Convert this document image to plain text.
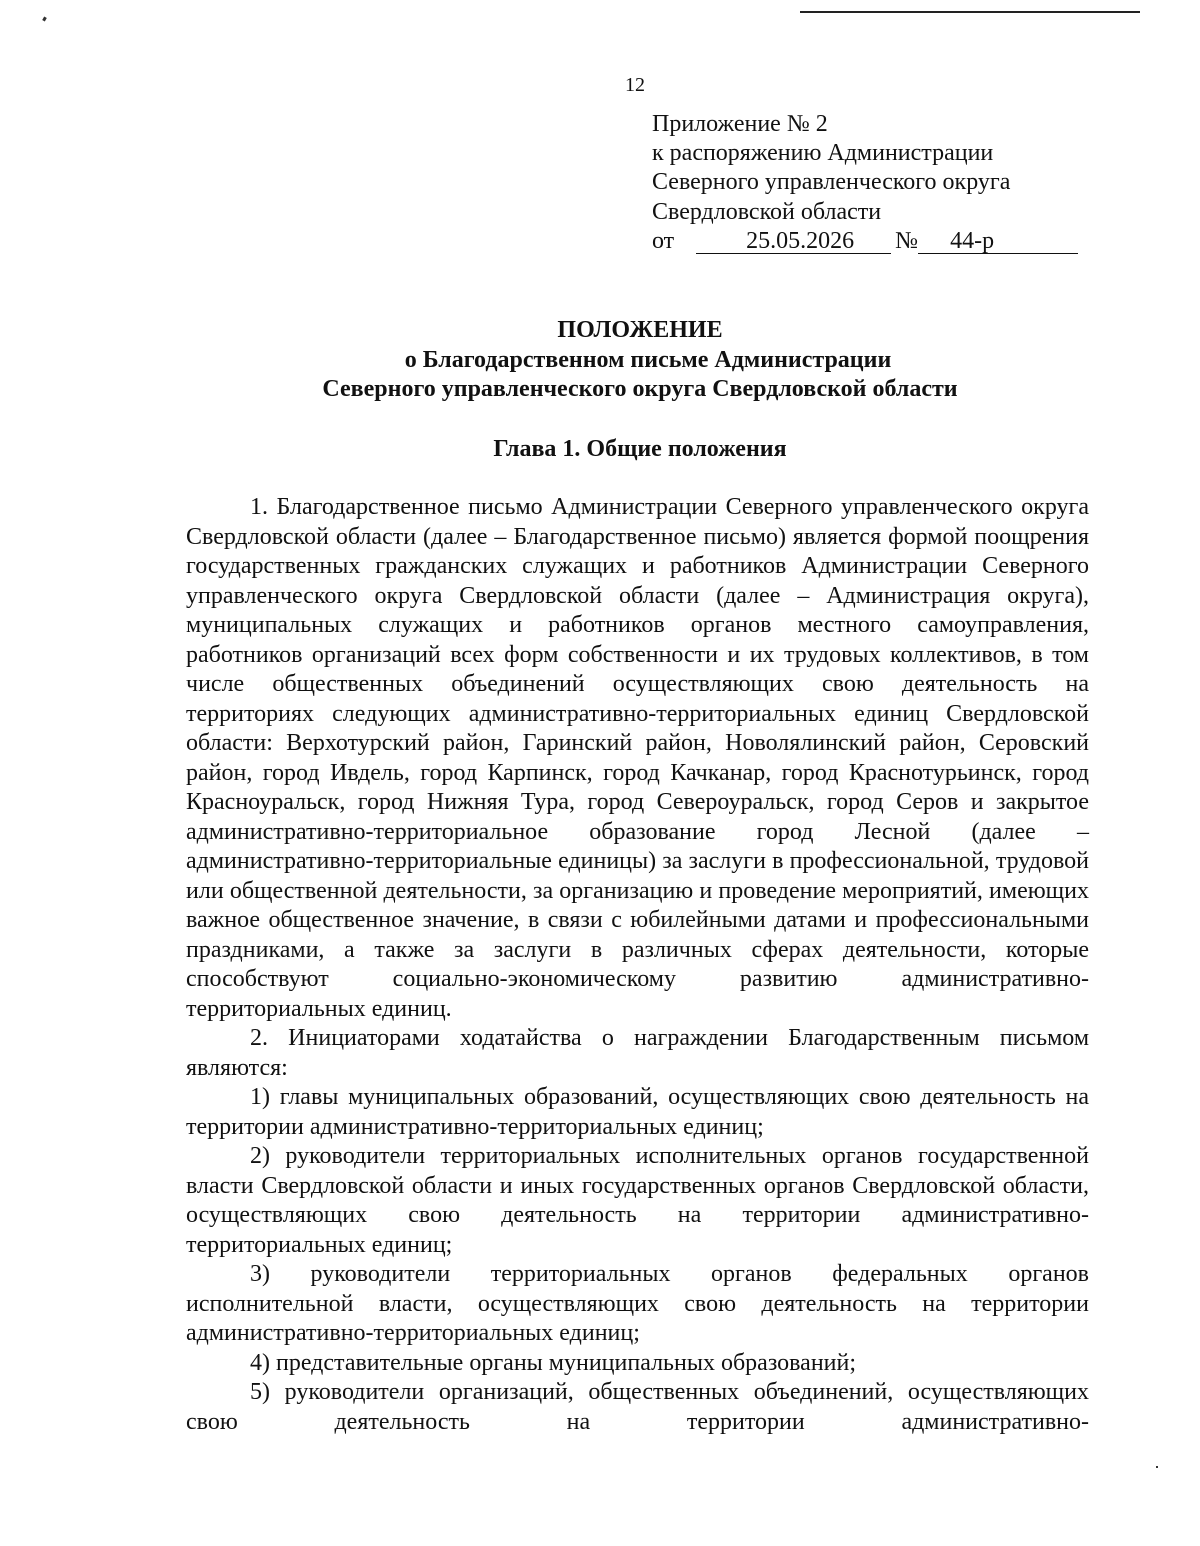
12
Приложение № 2
к распоряжению Администрации
Северного управленческого округа
Свердловской области
от	25.05.2026 № 44-р
ПОЛОЖЕНИЕ
о Благодарственном письме Администрации
Северного управленческого округа Свердловской области
Глава 1. Общие положения

1. Благодарственное письмо Администрации Северного управленческого округа Свердловской области (далее – Благодарственное письмо) является формой поощрения государственных гражданских служащих и работников Администрации Северного управленческого округа Свердловской области (далее – Администрация округа), муниципальных служащих и работников органов местного самоуправления, работников организаций всех форм собственности и их трудовых коллективов, в том числе общественных объединений осуществляющих свою деятельность на территориях следующих административно-территориальных единиц Свердловской области: Верхотурский район, Гаринский район, Новолялинский район, Серовский район, город Ивдель, город Карпинск, город Качканар, город Краснотурьинск, город Красноуральск, город Нижняя Тура, город Североуральск, город Серов и закрытое административно-территориальное образование город Лесной (далее – административно-территориальные единицы) за заслуги в профессиональной, трудовой или общественной деятельности, за организацию и проведение мероприятий, имеющих важное общественное значение, в связи с юбилейными датами и профессиональными праздниками, а также за заслуги в различных сферах деятельности, которые способствуют социально-экономическому развитию административно-территориальных единиц.

2. Инициаторами ходатайства о награждении Благодарственным письмом являются:

1) главы муниципальных образований, осуществляющих свою деятельность на территории административно-территориальных единиц;

2) руководители территориальных исполнительных органов государственной власти Свердловской области и иных государственных органов Свердловской области, осуществляющих свою деятельность на территории административно-территориальных единиц;

3) руководители территориальных органов федеральных органов исполнительной власти, осуществляющих свою деятельность на территории административно-территориальных единиц;

4) представительные органы муниципальных образований;

5) руководители организаций, общественных объединений, осуществляющих свою деятельность на территории административно-
